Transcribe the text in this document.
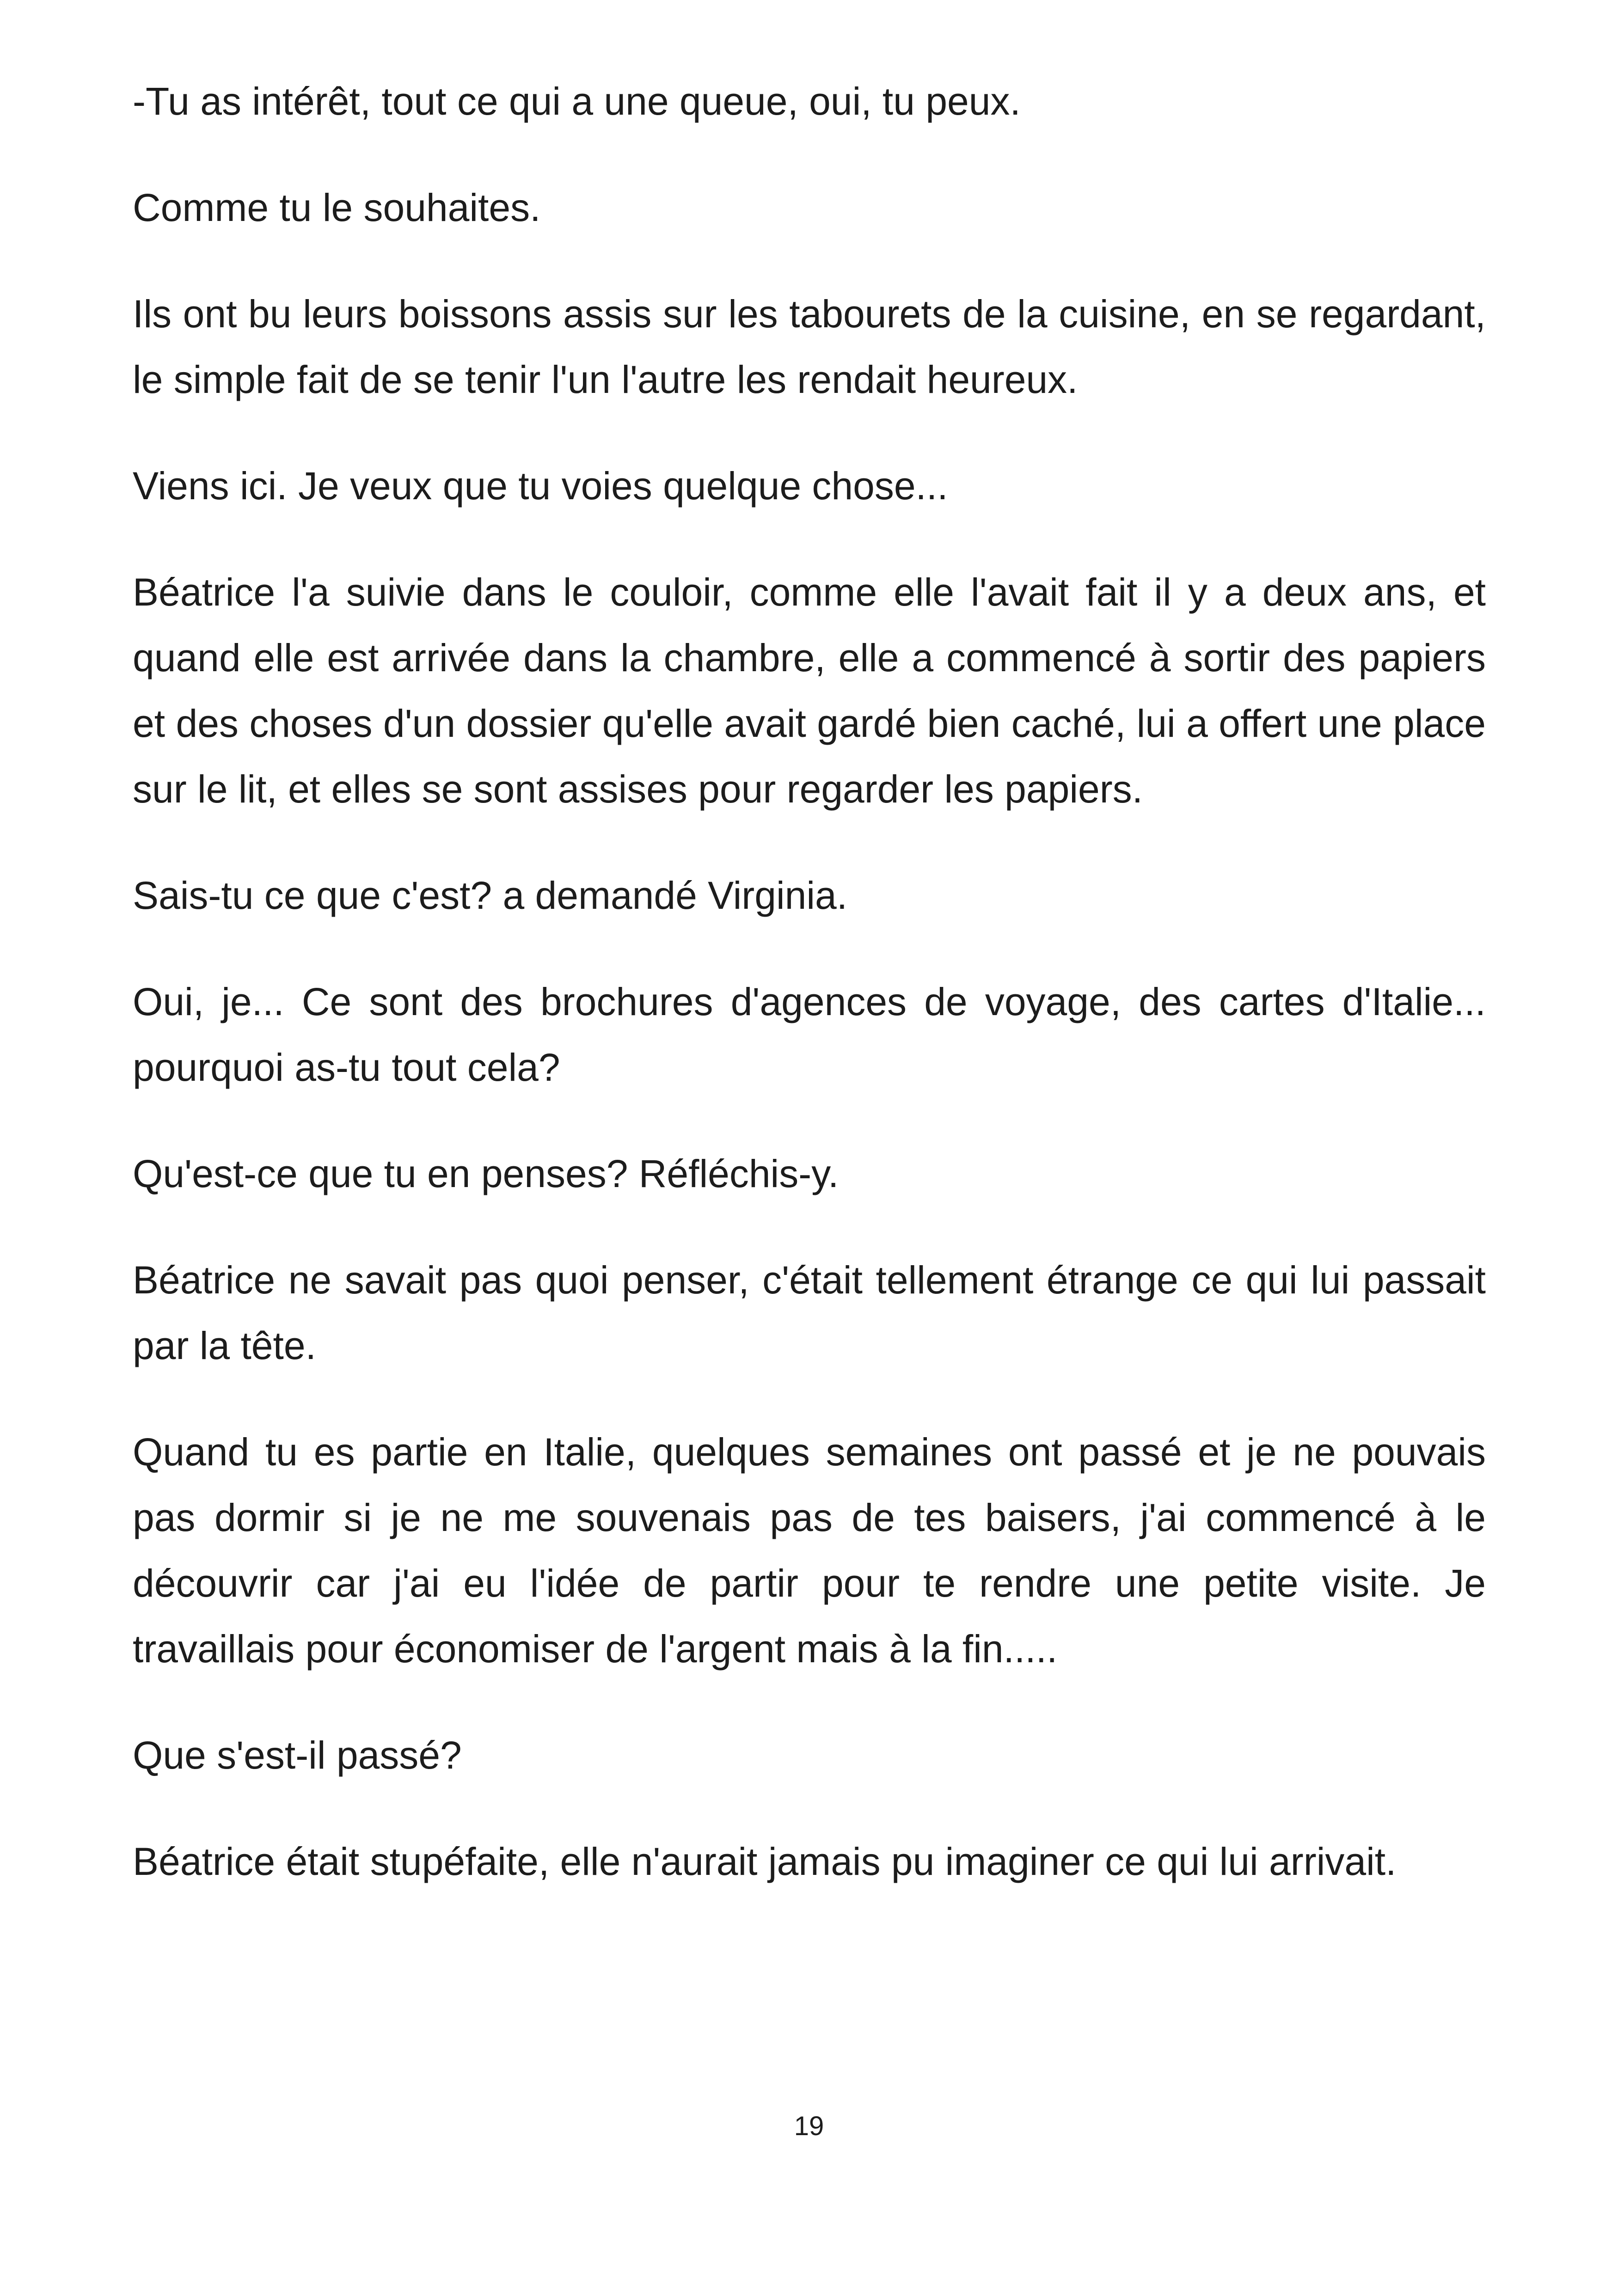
-Tu as intérêt, tout ce qui a une queue, oui, tu peux.

Comme tu le souhaites.

Ils ont bu leurs boissons assis sur les tabourets de la cuisine, en se regardant, le simple fait de se tenir l'un l'autre les rendait heureux.

Viens ici. Je veux que tu voies quelque chose...

Béatrice l'a suivie dans le couloir, comme elle l'avait fait il y a deux ans, et quand elle est arrivée dans la chambre, elle a commencé à sortir des papiers et des choses d'un dossier qu'elle avait gardé bien caché, lui a offert une place sur le lit, et elles se sont assises pour regarder les papiers.

Sais-tu ce que c'est? a demandé Virginia.

Oui, je... Ce sont des brochures d'agences de voyage, des cartes d'Italie... pourquoi as-tu tout cela?

Qu'est-ce que tu en penses? Réfléchis-y.

Béatrice ne savait pas quoi penser, c'était tellement étrange ce qui lui passait par la tête.

Quand tu es partie en Italie, quelques semaines ont passé et je ne pouvais pas dormir si je ne me souvenais pas de tes baisers, j'ai commencé à le découvrir car j'ai eu l'idée de partir pour te rendre une petite visite. Je travaillais pour économiser de l'argent mais à la fin.....

Que s'est-il passé?

Béatrice était stupéfaite, elle n'aurait jamais pu imaginer ce qui lui arrivait.

19
